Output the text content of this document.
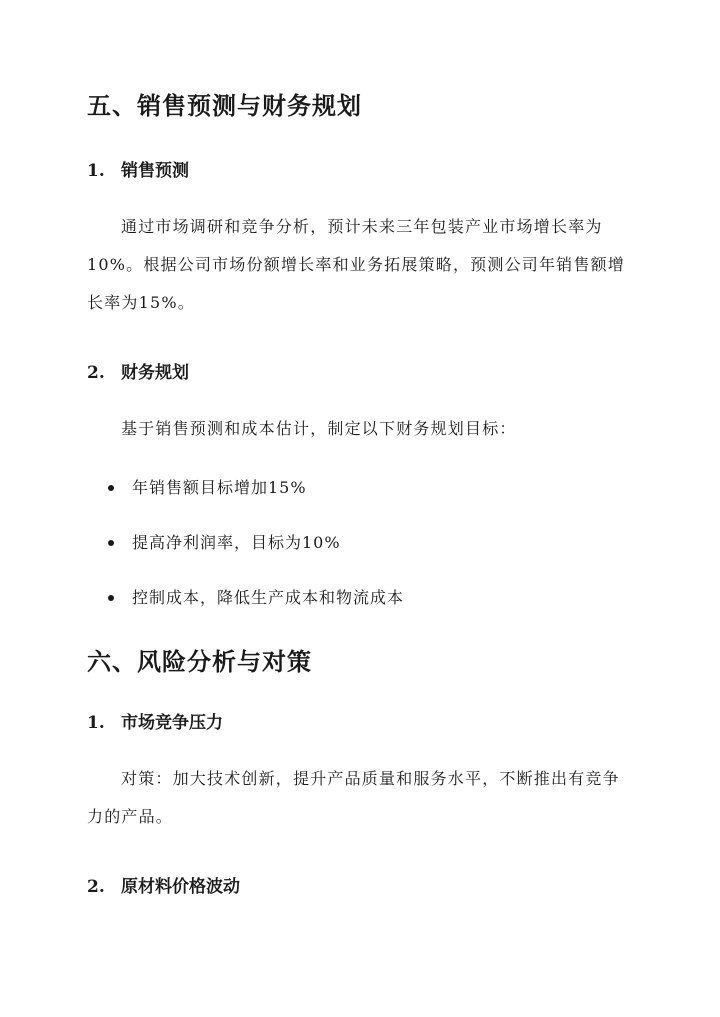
五、销售预测与财务规划
1. 销售预测

通过市场调研和竞争分析，预计未来三年包装产业市场增长率为10%。根据公司市场份额增长率和业务拓展策略，预测公司年销售额增长率为15%。

2. 财务规划

基于销售预测和成本估计，制定以下财务规划目标：

年销售额目标增加15%

提高净利润率，目标为10%

控制成本，降低生产成本和物流成本

六、风险分析与对策
1. 市场竞争压力

对策：加大技术创新，提升产品质量和服务水平，不断推出有竞争力的产品。

2. 原材料价格波动
